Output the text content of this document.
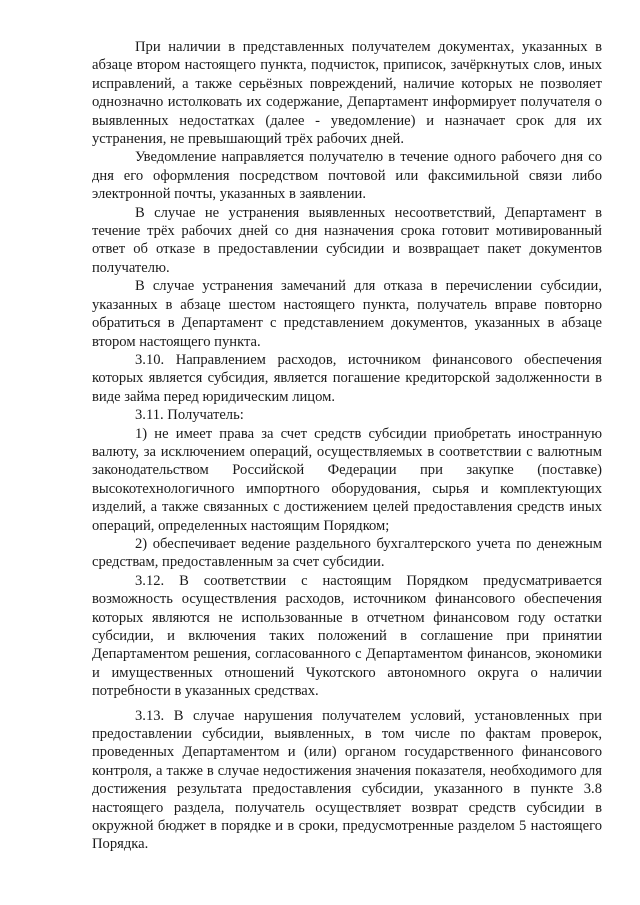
При наличии в представленных получателем документах, указанных в абзаце втором настоящего пункта, подчисток, приписок, зачёркнутых слов, иных исправлений, а также серьёзных повреждений, наличие которых не позволяет однозначно истолковать их содержание, Департамент информирует получателя о выявленных недостатках (далее - уведомление) и назначает срок для их устранения, не превышающий трёх рабочих дней.

Уведомление направляется получателю в течение одного рабочего дня со дня его оформления посредством почтовой или факсимильной связи либо электронной почты, указанных в заявлении.

В случае не устранения выявленных несоответствий, Департамент в течение трёх рабочих дней со дня назначения срока готовит мотивированный ответ об отказе в предоставлении субсидии и возвращает пакет документов получателю.

В случае устранения замечаний для отказа в перечислении субсидии, указанных в абзаце шестом настоящего пункта, получатель вправе повторно обратиться в Департамент с представлением документов, указанных в абзаце втором настоящего пункта.

3.10. Направлением расходов, источником финансового обеспечения которых является субсидия, является погашение кредиторской задолженности в виде займа перед юридическим лицом.

3.11. Получатель:

1) не имеет права за счет средств субсидии приобретать иностранную валюту, за исключением операций, осуществляемых в соответствии с валютным законодательством Российской Федерации при закупке (поставке) высокотехнологичного импортного оборудования, сырья и комплектующих изделий, а также связанных с достижением целей предоставления средств иных операций, определенных настоящим Порядком;

2) обеспечивает ведение раздельного бухгалтерского учета по денежным средствам, предоставленным за счет субсидии.

3.12. В соответствии с настоящим Порядком предусматривается возможность осуществления расходов, источником финансового обеспечения которых являются не использованные в отчетном финансовом году остатки субсидии, и включения таких положений в соглашение при принятии Департаментом решения, согласованного с Департаментом финансов, экономики и имущественных отношений Чукотского автономного округа о наличии потребности в указанных средствах.

3.13. В случае нарушения получателем условий, установленных при предоставлении субсидии, выявленных, в том числе по фактам проверок, проведенных Департаментом и (или) органом государственного финансового контроля, а также в случае недостижения значения показателя, необходимого для достижения результата предоставления субсидии, указанного в пункте 3.8 настоящего раздела, получатель осуществляет возврат средств субсидии в окружной бюджет в порядке и в сроки, предусмотренные разделом 5 настоящего Порядка.
